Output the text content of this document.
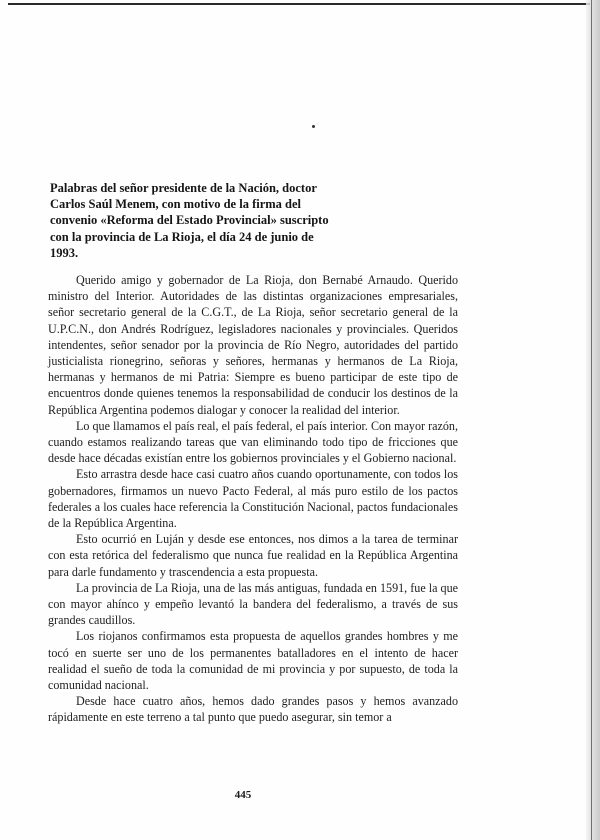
Palabras del señor presidente de la Nación, doctor Carlos Saúl Menem, con motivo de la firma del convenio «Reforma del Estado Provincial» suscripto con la provincia de La Rioja, el día 24 de junio de 1993.

Querido amigo y gobernador de La Rioja, don Bernabé Arnaudo. Querido ministro del Interior. Autoridades de las distintas organizaciones empresariales, señor secretario general de la C.G.T., de La Rioja, señor secretario general de la U.P.C.N., don Andrés Rodríguez, legisladores nacionales y provinciales. Queridos intendentes, señor senador por la provincia de Río Negro, autoridades del partido justicialista rionegrino, señoras y señores, hermanas y hermanos de La Rioja, hermanas y hermanos de mi Patria: Siempre es bueno participar de este tipo de encuentros donde quienes tenemos la responsabilidad de conducir los destinos de la República Argentina podemos dialogar y conocer la realidad del interior.

Lo que llamamos el país real, el país federal, el país interior. Con mayor razón, cuando estamos realizando tareas que van eliminando todo tipo de fricciones que desde hace décadas existían entre los gobiernos provinciales y el Gobierno nacional.

Esto arrastra desde hace casi cuatro años cuando oportunamente, con todos los gobernadores, firmamos un nuevo Pacto Federal, al más puro estilo de los pactos federales a los cuales hace referencia la Constitución Nacional, pactos fundacionales de la República Argentina.

Esto ocurrió en Luján y desde ese entonces, nos dimos a la tarea de terminar con esta retórica del federalismo que nunca fue realidad en la República Argentina para darle fundamento y trascendencia a esta propuesta.

La provincia de La Rioja, una de las más antiguas, fundada en 1591, fue la que con mayor ahínco y empeño levantó la bandera del federalismo, a través de sus grandes caudillos.

Los riojanos confirmamos esta propuesta de aquellos grandes hombres y me tocó en suerte ser uno de los permanentes batalladores en el intento de hacer realidad el sueño de toda la comunidad de mi provincia y por supuesto, de toda la comunidad nacional.

Desde hace cuatro años, hemos dado grandes pasos y hemos avanzado rápidamente en este terreno a tal punto que puedo asegurar, sin temor a

445
